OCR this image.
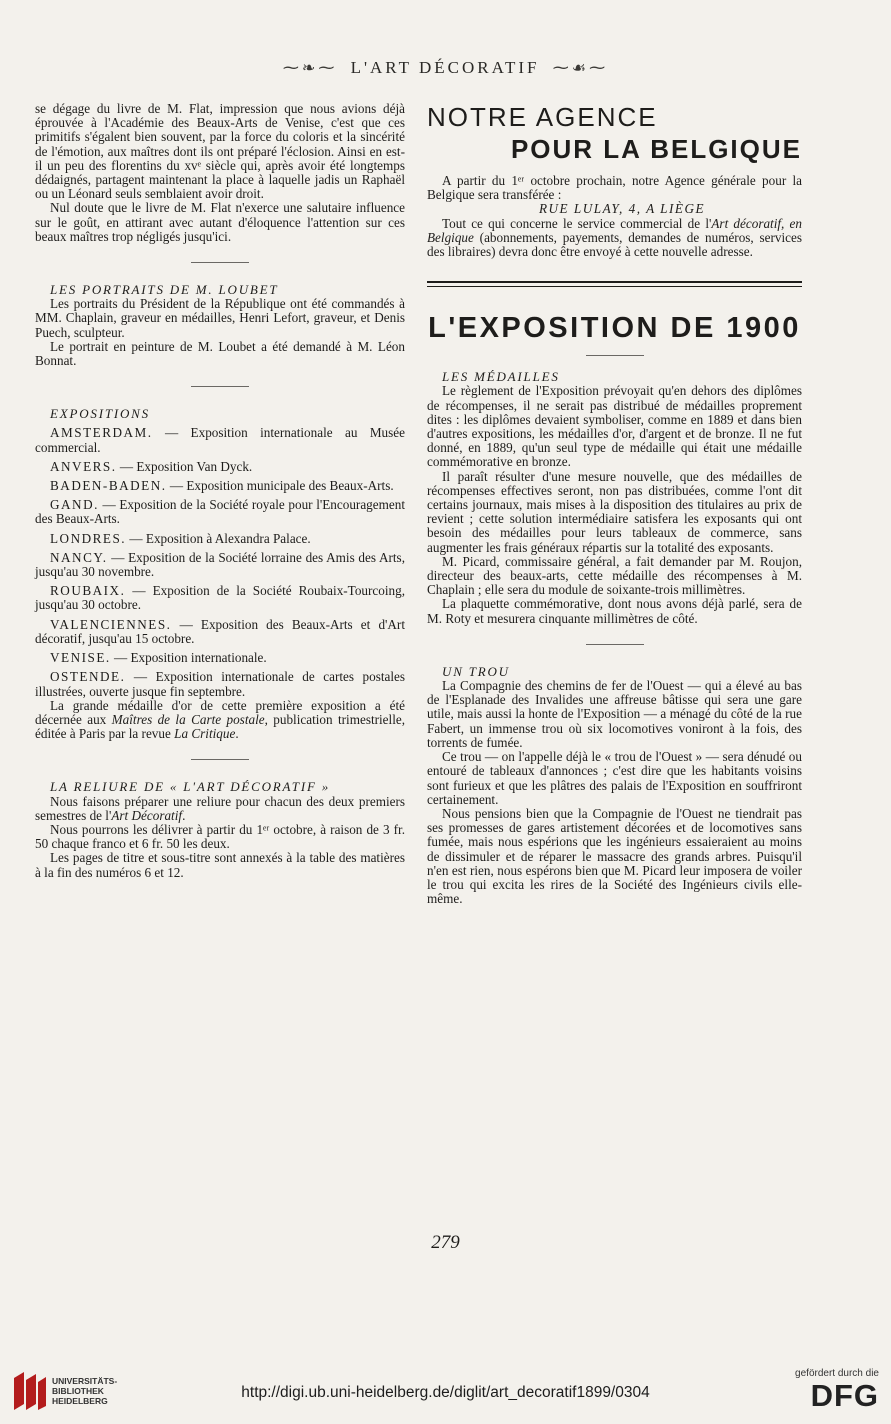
⁓❧⁓ L'ART DÉCORATIF ⁓☙⁓

se dégage du livre de M. Flat, impression que nous avions déjà éprouvée à l'Académie des Beaux-Arts de Venise, c'est que ces primitifs s'égalent bien souvent, par la force du coloris et la sincérité de l'émotion, aux maîtres dont ils ont préparé l'éclosion. Ainsi en est-il un peu des florentins du xvᵉ siècle qui, après avoir été longtemps dédaignés, partagent maintenant la place à laquelle jadis un Raphaël ou un Léonard seuls semblaient avoir droit.

Nul doute que le livre de M. Flat n'exerce une salutaire influence sur le goût, en attirant avec autant d'éloquence l'attention sur ces beaux maîtres trop négligés jusqu'ici.

LES PORTRAITS DE M. LOUBET

Les portraits du Président de la République ont été commandés à MM. Chaplain, graveur en médailles, Henri Lefort, graveur, et Denis Puech, sculpteur.

Le portrait en peinture de M. Loubet a été demandé à M. Léon Bonnat.

EXPOSITIONS

AMSTERDAM. — Exposition internationale au Musée commercial.

ANVERS. — Exposition Van Dyck.

BADEN-BADEN. — Exposition municipale des Beaux-Arts.

GAND. — Exposition de la Société royale pour l'Encouragement des Beaux-Arts.

LONDRES. — Exposition à Alexandra Palace.

NANCY. — Exposition de la Société lorraine des Amis des Arts, jusqu'au 30 novembre.

ROUBAIX. — Exposition de la Société Roubaix-Tourcoing, jusqu'au 30 octobre.

VALENCIENNES. — Exposition des Beaux-Arts et d'Art décoratif, jusqu'au 15 octobre.

VENISE. — Exposition internationale.

OSTENDE. — Exposition internationale de cartes postales illustrées, ouverte jusque fin septembre.

La grande médaille d'or de cette première exposition a été décernée aux Maîtres de la Carte postale, publication trimestrielle, éditée à Paris par la revue La Critique.

LA RELIURE DE « L'ART DÉCORATIF »

Nous faisons préparer une reliure pour chacun des deux premiers semestres de l'Art Décoratif.

Nous pourrons les délivrer à partir du 1ᵉʳ octobre, à raison de 3 fr. 50 chaque franco et 6 fr. 50 les deux.

Les pages de titre et sous-titre sont annexés à la table des matières à la fin des numéros 6 et 12.

NOTRE AGENCE
POUR LA BELGIQUE

A partir du 1ᵉʳ octobre prochain, notre Agence générale pour la Belgique sera transférée :

RUE LULAY, 4, A LIÈGE

Tout ce qui concerne le service commercial de l'Art décoratif, en Belgique (abonnements, payements, demandes de numéros, services des libraires) devra donc être envoyé à cette nouvelle adresse.

L'EXPOSITION DE 1900

LES MÉDAILLES

Le règlement de l'Exposition prévoyait qu'en dehors des diplômes de récompenses, il ne serait pas distribué de médailles proprement dites : les diplômes devaient symboliser, comme en 1889 et dans bien d'autres expositions, les médailles d'or, d'argent et de bronze. Il ne fut donné, en 1889, qu'un seul type de médaille qui était une médaille commémorative en bronze.

Il paraît résulter d'une mesure nouvelle, que des médailles de récompenses effectives seront, non pas distribuées, comme l'ont dit certains journaux, mais mises à la disposition des titulaires au prix de revient ; cette solution intermédiaire satisfera les exposants qui ont besoin des médailles pour leurs tableaux de commerce, sans augmenter les frais généraux répartis sur la totalité des exposants.

M. Picard, commissaire général, a fait demander par M. Roujon, directeur des beaux-arts, cette médaille des récompenses à M. Chaplain ; elle sera du module de soixante-trois millimètres.

La plaquette commémorative, dont nous avons déjà parlé, sera de M. Roty et mesurera cinquante millimètres de côté.

UN TROU

La Compagnie des chemins de fer de l'Ouest — qui a élevé au bas de l'Esplanade des Invalides une affreuse bâtisse qui sera une gare utile, mais aussi la honte de l'Exposition — a ménagé du côté de la rue Fabert, un immense trou où six locomotives voniront à la fois, des torrents de fumée.

Ce trou — on l'appelle déjà le « trou de l'Ouest » — sera dénudé ou entouré de tableaux d'annonces ; c'est dire que les habitants voisins sont furieux et que les plâtres des palais de l'Exposition en souffriront certainement.

Nous pensions bien que la Compagnie de l'Ouest ne tiendrait pas ses promesses de gares artistement décorées et de locomotives sans fumée, mais nous espérions que les ingénieurs essaieraient au moins de dissimuler et de réparer le massacre des grands arbres. Puisqu'il n'en est rien, nous espérons bien que M. Picard leur imposera de voiler le trou qui excita les rires de la Société des Ingénieurs civils elle-même.

279
UNIVERSITÄTS-
BIBLIOTHEK
HEIDELBERG	http://digi.ub.uni-heidelberg.de/diglit/art_decoratif1899/0304
gefördert durch die
DFG
